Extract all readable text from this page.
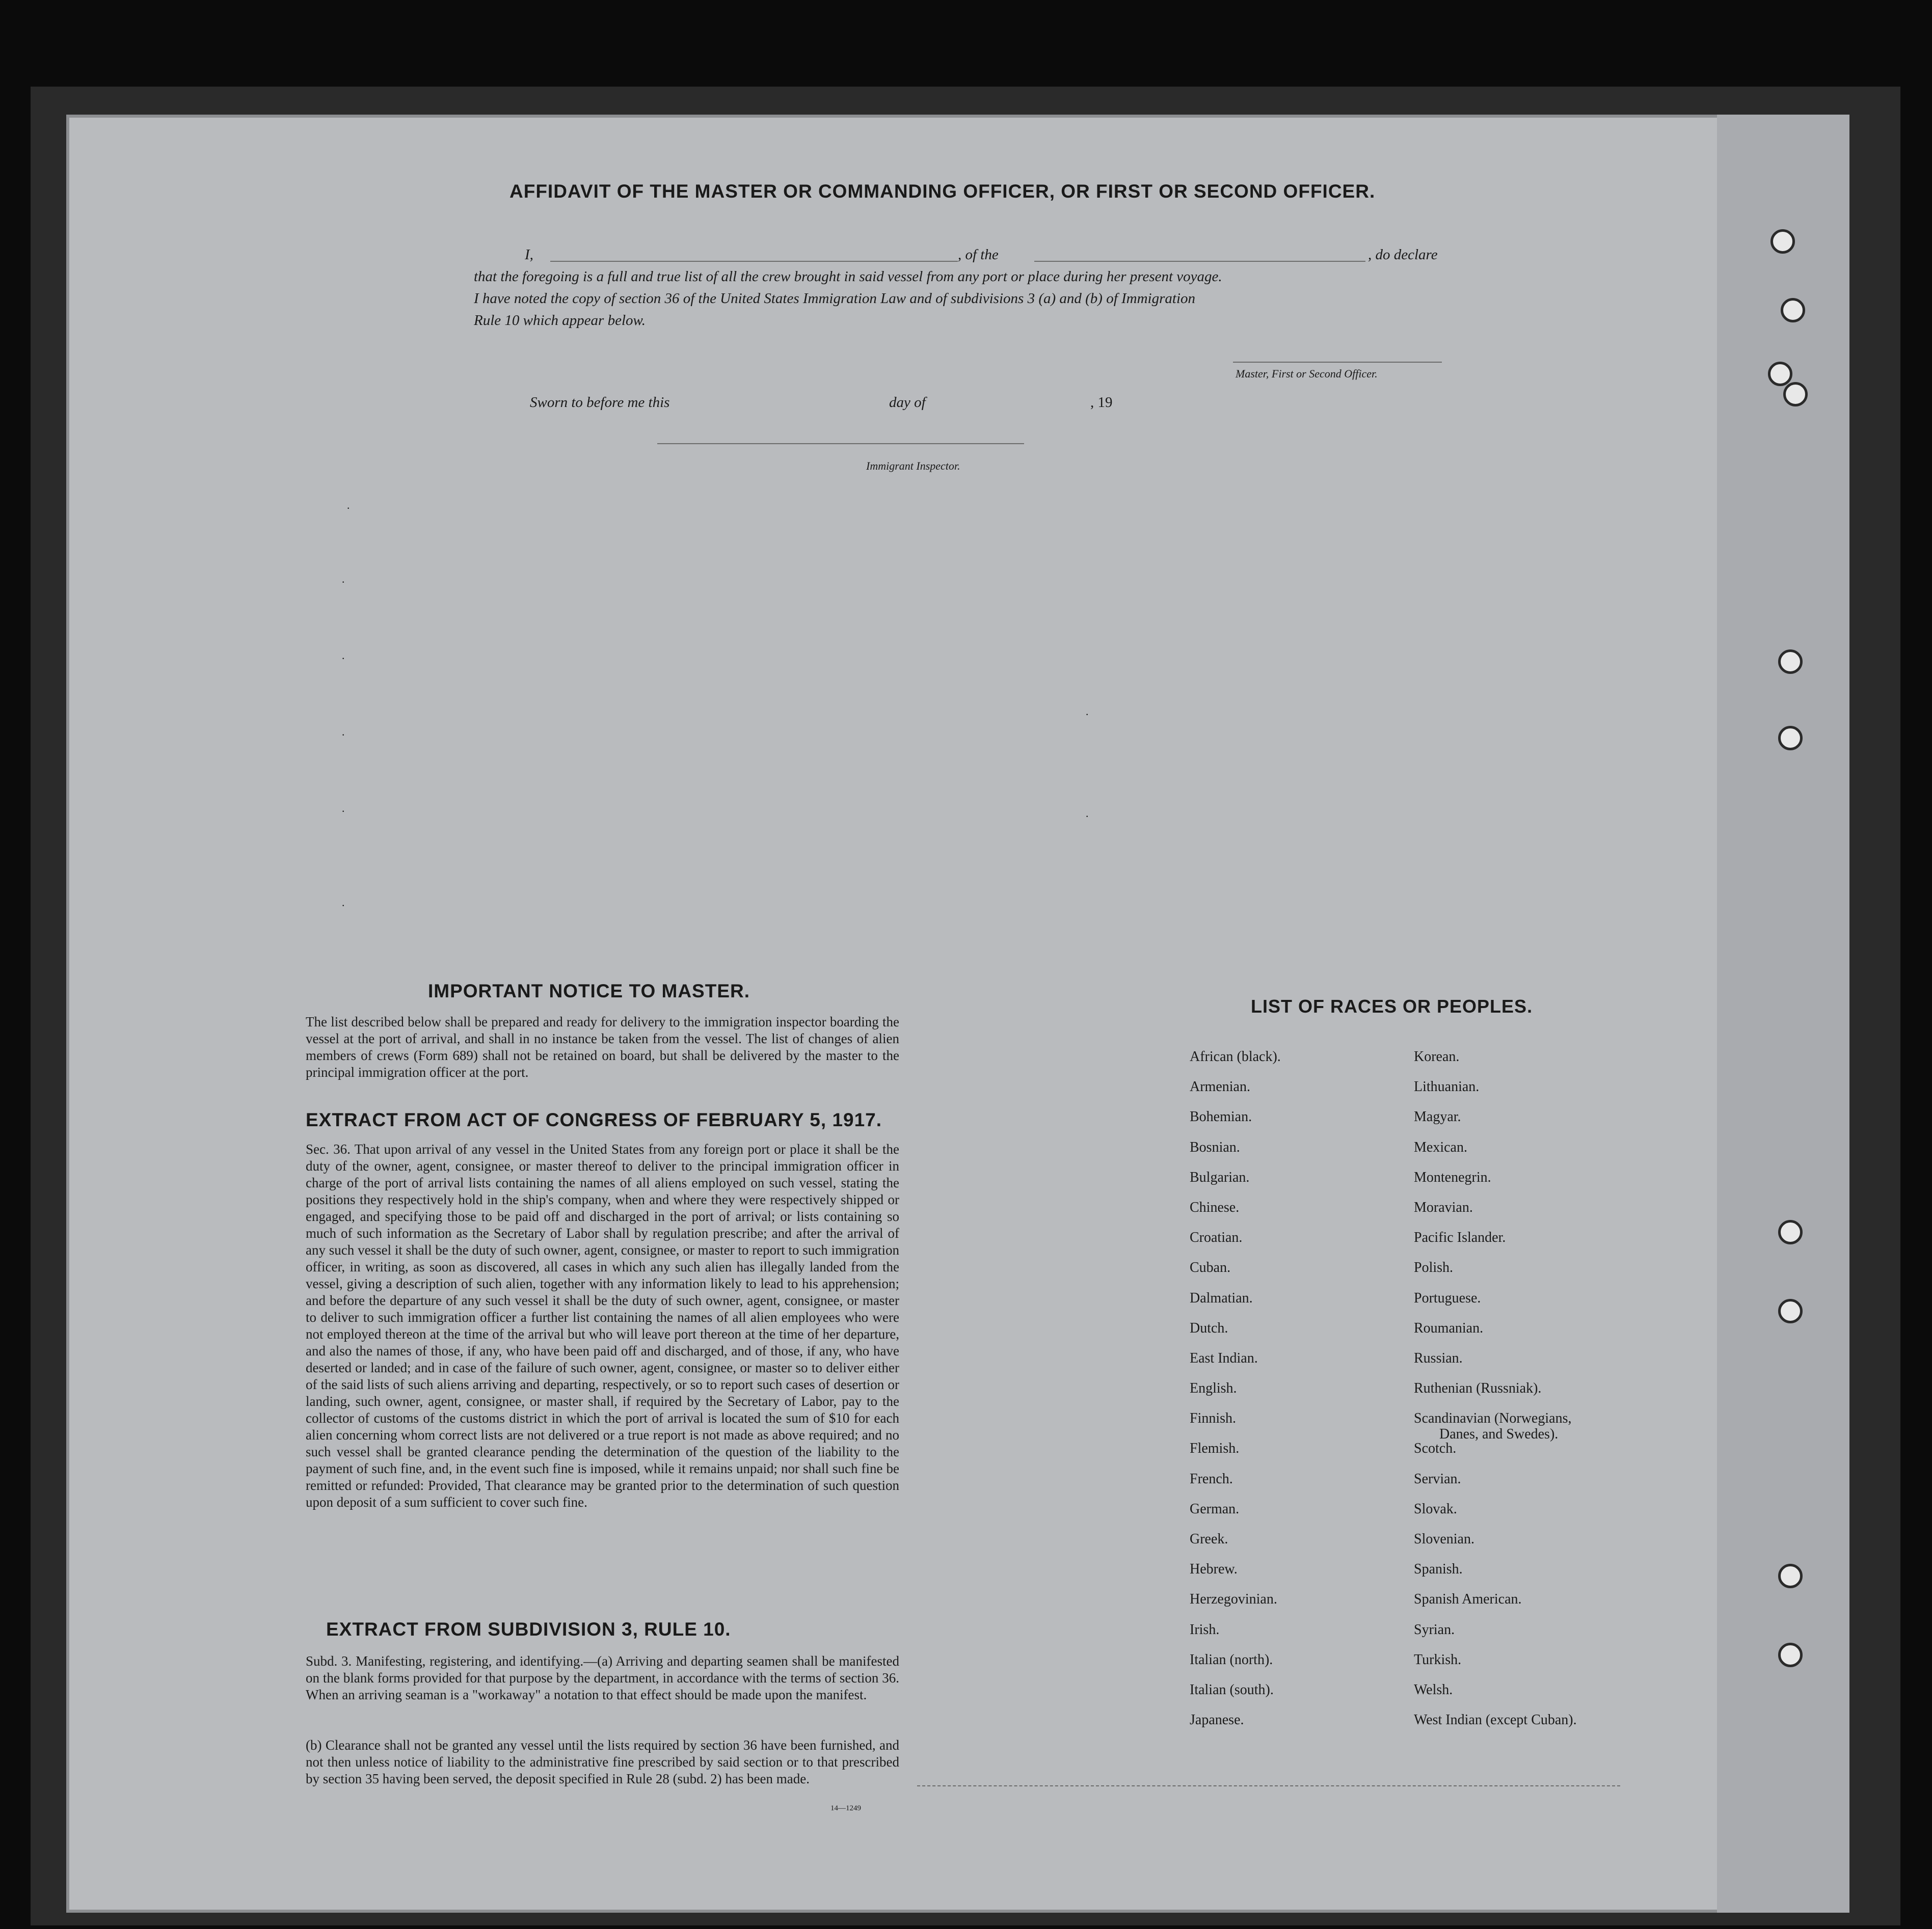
AFFIDAVIT OF THE MASTER OR COMMANDING OFFICER, OR FIRST OR SECOND OFFICER.
I,	, of the	, do declare
that the foregoing is a full and true list of all the crew brought in said vessel from any port or place during her present voyage.
I have noted the copy of section 36 of the United States Immigration Law and of subdivisions 3 (a) and (b) of Immigration
Rule 10 which appear below.
Master, First or Second Officer.
Sworn to before me this	day of	, 19
Immigrant Inspector.
·
·
·
·
·
·
·
·
IMPORTANT NOTICE TO MASTER.
The list described below shall be prepared and ready for delivery to the immigration inspector boarding the vessel at the port of arrival, and shall in no instance be taken from the vessel. The list of changes of alien members of crews (Form 689) shall not be retained on board, but shall be delivered by the master to the principal immigration officer at the port.
EXTRACT FROM ACT OF CONGRESS OF FEBRUARY 5, 1917.
Sec. 36. That upon arrival of any vessel in the United States from any foreign port or place it shall be the duty of the owner, agent, consignee, or master thereof to deliver to the principal immigration officer in charge of the port of arrival lists containing the names of all aliens employed on such vessel, stating the positions they respectively hold in the ship's company, when and where they were respectively shipped or engaged, and specifying those to be paid off and discharged in the port of arrival; or lists containing so much of such information as the Secretary of Labor shall by regulation prescribe; and after the arrival of any such vessel it shall be the duty of such owner, agent, consignee, or master to report to such immigration officer, in writing, as soon as discovered, all cases in which any such alien has illegally landed from the vessel, giving a description of such alien, together with any information likely to lead to his apprehension; and before the departure of any such vessel it shall be the duty of such owner, agent, consignee, or master to deliver to such immigration officer a further list containing the names of all alien employees who were not employed thereon at the time of the arrival but who will leave port thereon at the time of her departure, and also the names of those, if any, who have been paid off and discharged, and of those, if any, who have deserted or landed; and in case of the failure of such owner, agent, consignee, or master so to deliver either of the said lists of such aliens arriving and departing, respectively, or so to report such cases of desertion or landing, such owner, agent, consignee, or master shall, if required by the Secretary of Labor, pay to the collector of customs of the customs district in which the port of arrival is located the sum of $10 for each alien concerning whom correct lists are not delivered or a true report is not made as above required; and no such vessel shall be granted clearance pending the determination of the question of the liability to the payment of such fine, and, in the event such fine is imposed, while it remains unpaid; nor shall such fine be remitted or refunded: Provided, That clearance may be granted prior to the determination of such question upon deposit of a sum sufficient to cover such fine.
EXTRACT FROM SUBDIVISION 3, RULE 10.
Subd. 3. Manifesting, registering, and identifying.—(a) Arriving and departing seamen shall be manifested on the blank forms provided for that purpose by the department, in accordance with the terms of section 36. When an arriving seaman is a "workaway" a notation to that effect should be made upon the manifest.
(b) Clearance shall not be granted any vessel until the lists required by section 36 have been furnished, and not then unless notice of liability to the administrative fine prescribed by said section or to that prescribed by section 35 having been served, the deposit specified in Rule 28 (subd. 2) has been made.
14—1249
LIST OF RACES OR PEOPLES.
African (black).
Armenian.
Bohemian.
Bosnian.
Bulgarian.
Chinese.
Croatian.
Cuban.
Dalmatian.
Dutch.
East Indian.
English.
Finnish.
Flemish.
French.
German.
Greek.
Hebrew.
Herzegovinian.
Irish.
Italian (north).
Italian (south).
Japanese.
Korean.
Lithuanian.
Magyar.
Mexican.
Montenegrin.
Moravian.
Pacific Islander.
Polish.
Portuguese.
Roumanian.
Russian.
Ruthenian (Russniak).
Scandinavian (Norwegians,
Danes, and Swedes).
Scotch.
Servian.
Slovak.
Slovenian.
Spanish.
Spanish American.
Syrian.
Turkish.
Welsh.
West Indian (except Cuban).
